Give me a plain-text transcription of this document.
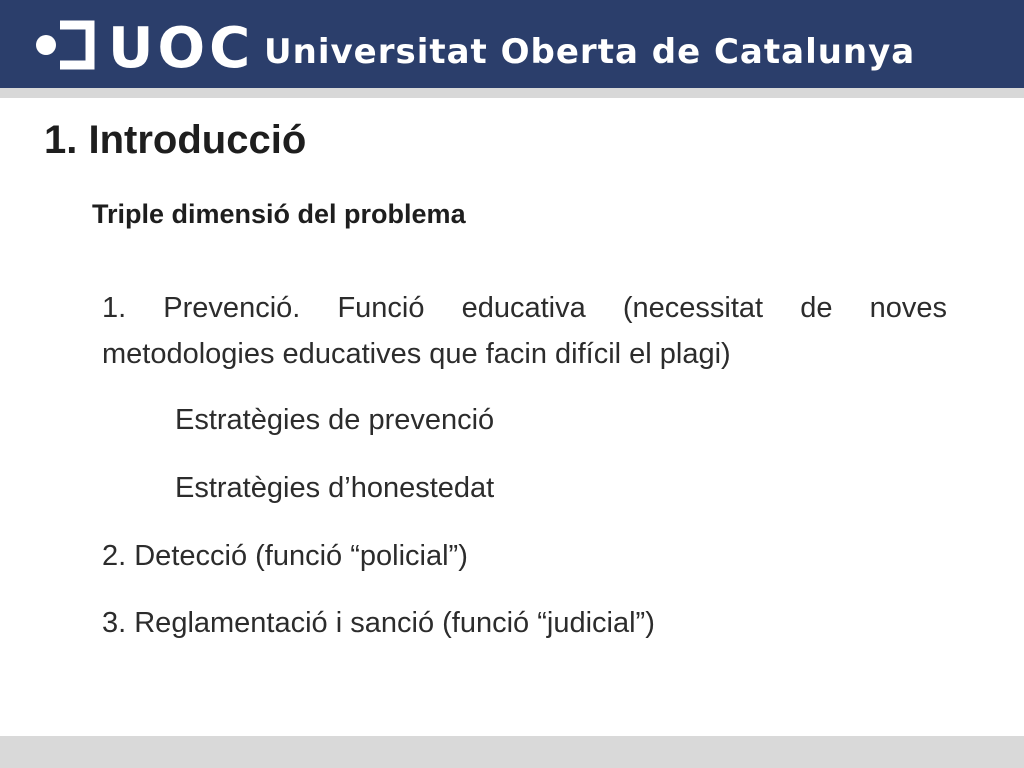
UOC Universitat Oberta de Catalunya
1. Introducció
Triple dimensió del problema

1. Prevenció. Funció educativa (necessitat de noves metodologies educatives que facin difícil el plagi)

Estratègies de prevenció

Estratègies d’honestedat

2. Detecció (funció “policial”)

3. Reglamentació i sanció (funció “judicial”)
